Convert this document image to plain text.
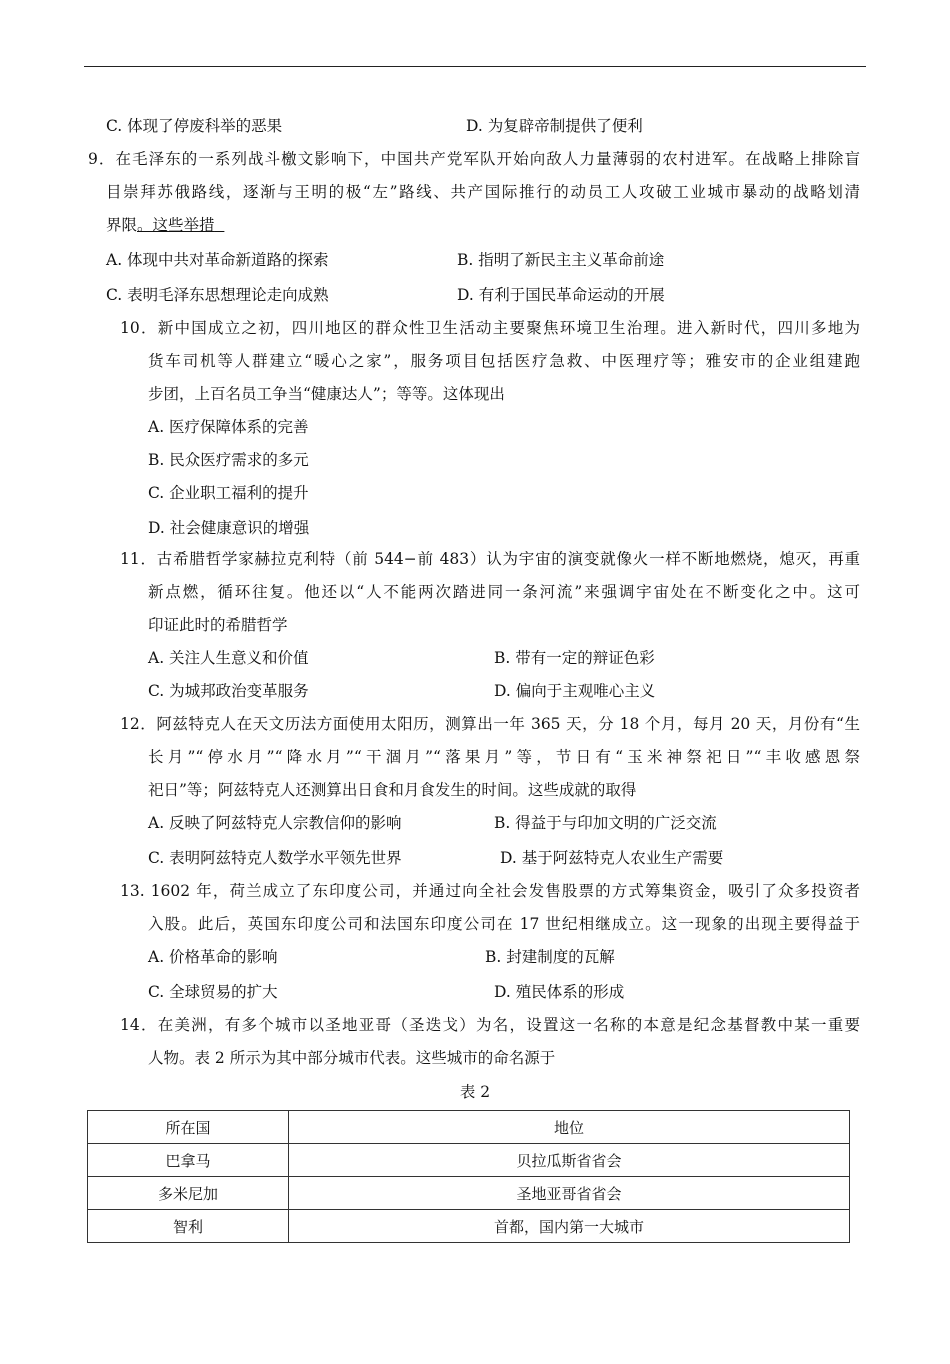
C. 体现了停废科举的恶果	D. 为复辟帝制提供了便利
9．在毛泽东的一系列战斗檄文影响下，中国共产党军队开始向敌人力量薄弱的农村进军。在战略上排除盲
目崇拜苏俄路线，逐渐与王明的极“左”路线、共产国际推行的动员工人攻破工业城市暴动的战略划清
界限。这些举措
A. 体现中共对革命新道路的探索	B. 指明了新民主主义革命前途
C. 表明毛泽东思想理论走向成熟	D. 有利于国民革命运动的开展
10．新中国成立之初，四川地区的群众性卫生活动主要聚焦环境卫生治理。进入新时代，四川多地为
货车司机等人群建立“暖心之家”，服务项目包括医疗急救、中医理疗等；雅安市的企业组建跑
步团，上百名员工争当“健康达人”；等等。这体现出
A. 医疗保障体系的完善
B. 民众医疗需求的多元
C. 企业职工福利的提升
D. 社会健康意识的增强
11．古希腊哲学家赫拉克利特（前 544−前 483）认为宇宙的演变就像火一样不断地燃烧，熄灭，再重
新点燃，循环往复。他还以“人不能两次踏进同一条河流”来强调宇宙处在不断变化之中。这可
印证此时的希腊哲学
A. 关注人生意义和价值	B. 带有一定的辩证色彩
C. 为城邦政治变革服务	D. 偏向于主观唯心主义
12．阿兹特克人在天文历法方面使用太阳历，测算出一年 365 天，分 18 个月，每月 20 天，月份有“生
长月”“停水月”“降水月”“干涸月”“落果月”等，节日有“玉米神祭祀日”“丰收感恩祭
祀日”等；阿兹特克人还测算出日食和月食发生的时间。这些成就的取得
A. 反映了阿兹特克人宗教信仰的影响	B. 得益于与印加文明的广泛交流
C. 表明阿兹特克人数学水平领先世界	D. 基于阿兹特克人农业生产需要
13. 1602 年，荷兰成立了东印度公司，并通过向全社会发售股票的方式筹集资金，吸引了众多投资者
入股。此后，英国东印度公司和法国东印度公司在 17 世纪相继成立。这一现象的出现主要得益于
A. 价格革命的影响	B. 封建制度的瓦解
C. 全球贸易的扩大	D. 殖民体系的形成
14．在美洲，有多个城市以圣地亚哥（圣迭戈）为名，设置这一名称的本意是纪念基督教中某一重要
人物。表 2 所示为其中部分城市代表。这些城市的命名源于
表 2
所在国	地位
巴拿马	贝拉瓜斯省省会
多米尼加	圣地亚哥省省会
智利	首都，国内第一大城市
